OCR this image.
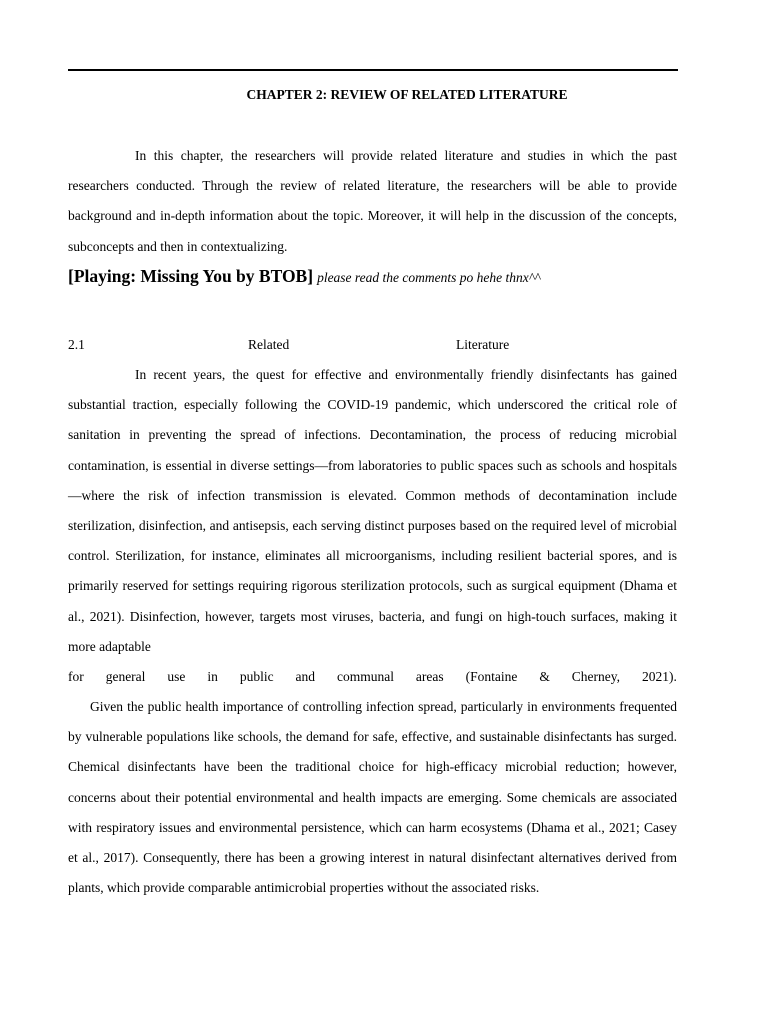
CHAPTER 2: REVIEW OF RELATED LITERATURE
In this chapter, the researchers will provide related literature and studies in which the past researchers conducted. Through the review of related literature, the researchers will be able to provide background and in-depth information about the topic. Moreover, it will help in the discussion of the concepts, subconcepts and then in contextualizing.
[Playing: Missing You by BTOB] please read the comments po hehe thnx^^
2.1	Related	Literature
In recent years, the quest for effective and environmentally friendly disinfectants has gained substantial traction, especially following the COVID-19 pandemic, which underscored the critical role of sanitation in preventing the spread of infections. Decontamination, the process of reducing microbial contamination, is essential in diverse settings—from laboratories to public spaces such as schools and hospitals—where the risk of infection transmission is elevated. Common methods of decontamination include sterilization, disinfection, and antisepsis, each serving distinct purposes based on the required level of microbial control. Sterilization, for instance, eliminates all microorganisms, including resilient bacterial spores, and is primarily reserved for settings requiring rigorous sterilization protocols, such as surgical equipment (Dhama et al., 2021). Disinfection, however, targets most viruses, bacteria, and fungi on high-touch surfaces, making it more adaptable
for general use in public and communal areas (Fontaine & Cherney, 2021).
Given the public health importance of controlling infection spread, particularly in environments frequented by vulnerable populations like schools, the demand for safe, effective, and sustainable disinfectants has surged. Chemical disinfectants have been the traditional choice for high-efficacy microbial reduction; however, concerns about their potential environmental and health impacts are emerging. Some chemicals are associated with respiratory issues and environmental persistence, which can harm ecosystems (Dhama et al., 2021; Casey et al., 2017). Consequently, there has been a growing interest in natural disinfectant alternatives derived from plants, which provide comparable antimicrobial properties without the associated risks.
